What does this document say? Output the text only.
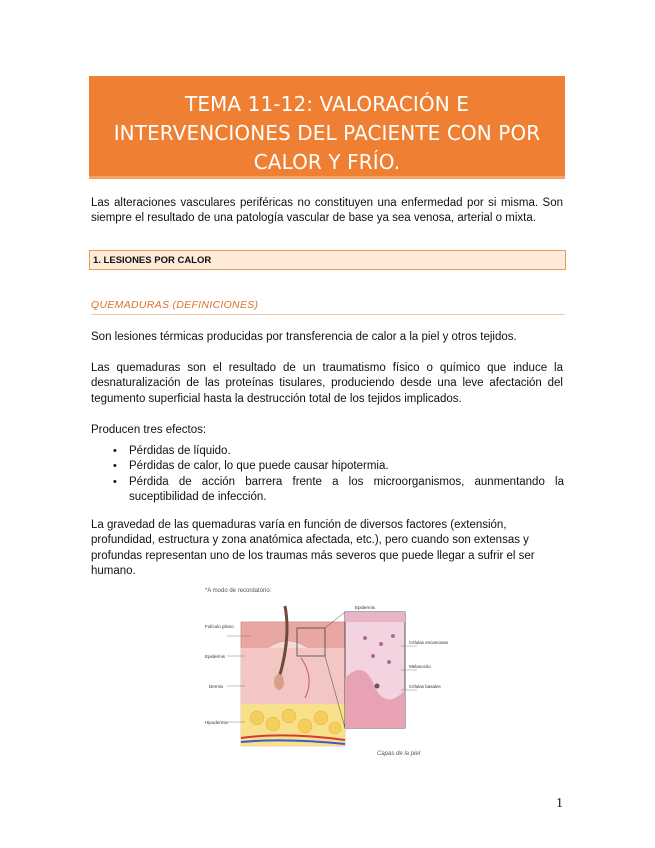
TEMA 11-12: VALORACIÓN E
INTERVENCIONES DEL PACIENTE CON POR
CALOR Y FRÍO.
Las alteraciones vasculares periféricas no constituyen una enfermedad por si misma. Son siempre el resultado de una patología vascular de base ya sea venosa, arterial o mixta.
1. LESIONES POR CALOR
QUEMADURAS (DEFINICIONES)
Son lesiones térmicas producidas por transferencia de calor a la piel y otros tejidos.
Las quemaduras son el resultado de un traumatismo físico o químico que induce la desnaturalización de las proteínas tisulares, produciendo desde una leve afectación del tegumento superficial hasta la destrucción total de los tejidos implicados.
Producen tres efectos:
• Pérdidas de líquido.
• Pérdidas de calor, lo que puede causar hipotermia.
• Pérdida de acción barrera frente a los microorganismos, aunmentando la suceptibilidad de infección.
La gravedad de las quemaduras varía en función de diversos factores (extensión, profundidad, estructura y zona anatómica afectada, etc.), pero cuando son extensas y profundas representan uno de los traumas más severos que puede llegar a sufrir el ser humano.
*A modo de recordatorio:
Folículo piloso
Epidermis
Dermis
Hipodermis
Epidermis
Células escamosas
Melanocito
Células basales
Capas de la piel
1
